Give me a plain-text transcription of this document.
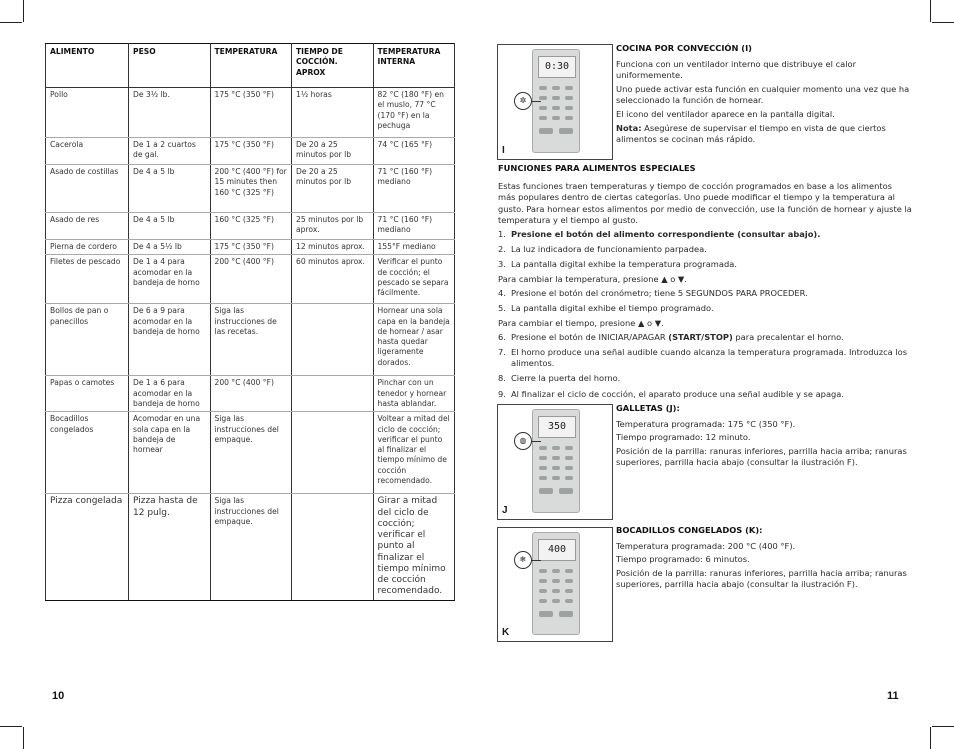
ALIMENTO	PESO	TEMPERATURA	TIEMPO DE COCCIÓN. APROX	TEMPERATURA INTERNA
Pollo	De 3½ lb.	175 °C (350 °F)	1½ horas	82 °C (180 °F) en el muslo, 77 °C (170 °F) en la pechuga
Cacerola	De 1 a 2 cuartos de gal.	175 °C (350 °F)	De 20 a 25 minutos por lb	74 °C (165 °F)
Asado de costillas	De 4 a 5 lb	200 °C (400 °F) for 15 minutes then 160 °C (325 °F)	De 20 a 25 minutos por lb	71 °C (160 °F) mediano
Asado de res	De 4 a 5 lb	160 °C (325 °F)	25 minutos por lb aprox.	71 °C (160 °F) mediano
Pierna de cordero	De 4 a 5½ lb	175 °C (350 °F)	12 minutos aprox.	155°F mediano
Filetes de pescado	De 1 a 4 para acomodar en la bandeja de horno	200 °C (400 °F)	60 minutos aprox.	Verificar el punto de cocción; el pescado se separa fácilmente.
Bollos de pan o panecillos	De 6 a 9 para acomodar en la bandeja de horno	Siga las instrucciones de las recetas.		Hornear una sola capa en la bandeja de hornear / asar hasta quedar ligeramente dorados.
Papas o camotes	De 1 a 6 para acomodar en la bandeja de horno	200 °C (400 °F)		Pinchar con un tenedor y hornear hasta ablandar.
Bocadillos congelados	Acomodar en una sola capa en la bandeja de hornear	Siga las instrucciones del empaque.		Voltear a mitad del ciclo de cocción; verificar el punto al finalizar el tiempo mínimo de cocción recomendado.
Pizza congelada	Pizza hasta de 12 pulg.	Siga las instrucciones del empaque.		Girar a mitad del ciclo de cocción; verificar el punto al finalizar el tiempo mínimo de cocción recomendado.
10	11
0:30
✲
I

COCINA POR CONVECCIÓN (I)

Funciona con un ventilador interno que distribuye el calor uniformemente.

Uno puede activar esta función en cualquier momento una vez que ha seleccionado la función de hornear.

El icono del ventilador aparece en la pantalla digital.

Nota: Asegúrese de supervisar el tiempo en vista de que ciertos alimentos se cocinan más rápido.

FUNCIONES PARA ALIMENTOS ESPECIALES

Estas funciones traen temperaturas y tiempo de cocción programados en base a los alimentos más populares dentro de ciertas categorías. Uno puede modificar el tiempo y la temperatura al gusto. Para hornear estos alimentos por medio de convección, use la función de hornear y ajuste la temperatura y el tiempo al gusto.

1. Presione el botón del alimento correspondiente (consultar abajo).
2. La luz indicadora de funcionamiento parpadea.
3. La pantalla digital exhibe la temperatura programada.

Para cambiar la temperatura, presione ▲ o ▼.

4. Presione el botón del cronómetro; tiene 5 SEGUNDOS PARA PROCEDER.
5. La pantalla digital exhibe el tiempo programado.

Para cambiar el tiempo, presione ▲ o ▼.

6. Presione el botón de INICIAR/APAGAR (START/STOP) para precalentar el horno.
7. El horno produce una señal audible cuando alcanza la temperatura programada. Introduzca los alimentos.
8. Cierre la puerta del horno.
9. Al finalizar el ciclo de cocción, el aparato produce una señal audible y se apaga.
350
◍
J

GALLETAS (J):

Temperatura programada: 175 °C (350 °F).

Tiempo programado: 12 minuto.

Posición de la parrilla: ranuras inferiores, parrilla hacia arriba; ranuras superiores, parrilla hacia abajo (consultar la ilustración F).

400
❄
K

BOCADILLOS CONGELADOS (K):

Temperatura programada: 200 °C (400 °F).

Tiempo programado: 6 minutos.

Posición de la parrilla: ranuras inferiores, parrilla hacia arriba; ranuras superiores, parrilla hacia abajo (consultar la ilustración F).
